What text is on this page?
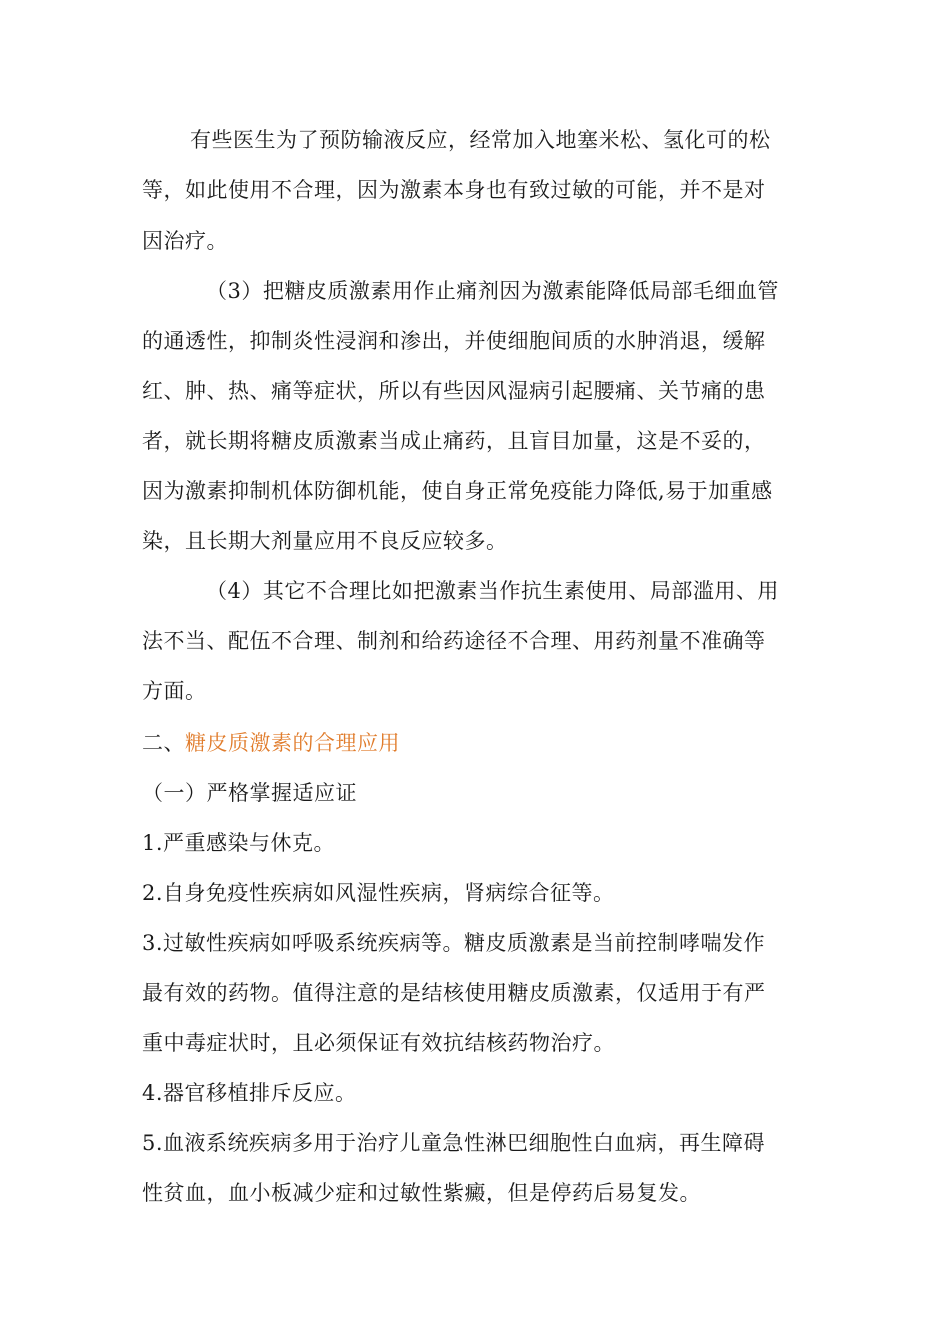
有些医生为了预防输液反应，经常加入地塞米松、氢化可的松
等，如此使用不合理，因为激素本身也有致过敏的可能，并不是对
因治疗。
（3）把糖皮质激素用作止痛剂因为激素能降低局部毛细血管
的通透性，抑制炎性浸润和渗出，并使细胞间质的水肿消退，缓解
红、肿、热、痛等症状，所以有些因风湿病引起腰痛、关节痛的患
者，就长期将糖皮质激素当成止痛药，且盲目加量，这是不妥的，
因为激素抑制机体防御机能，使自身正常免疫能力降低,易于加重感
染，且长期大剂量应用不良反应较多。
（4）其它不合理比如把激素当作抗生素使用、局部滥用、用
法不当、配伍不合理、制剂和给药途径不合理、用药剂量不准确等
方面。
二、糖皮质激素的合理应用
（一）严格掌握适应证
1.严重感染与休克。
2.自身免疫性疾病如风湿性疾病，肾病综合征等。
3.过敏性疾病如呼吸系统疾病等。糖皮质激素是当前控制哮喘发作
最有效的药物。值得注意的是结核使用糖皮质激素，仅适用于有严
重中毒症状时，且必须保证有效抗结核药物治疗。
4.器官移植排斥反应。
5.血液系统疾病多用于治疗儿童急性淋巴细胞性白血病，再生障碍
性贫血，血小板减少症和过敏性紫癜，但是停药后易复发。
